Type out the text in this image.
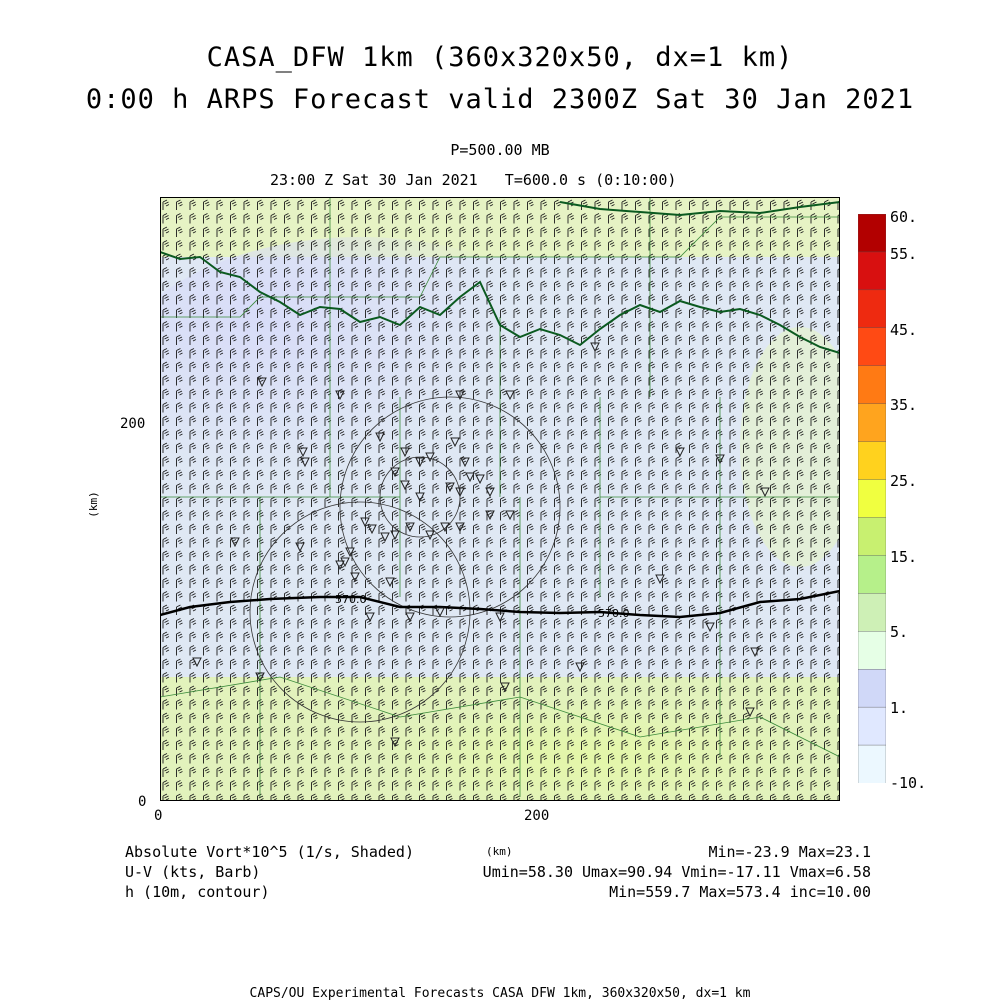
CASA_DFW 1km (360x320x50, dx=1 km)
0:00 h ARPS Forecast valid 2300Z Sat 30 Jan 2021
P=500.00 MB
23:00 Z Sat 30 Jan 2021   T=600.0 s (0:10:00)
570.0
570.0
200
0
0	200
(km)
60.
55.
45.
35.
25.
15.
5.
1.
-10.
Absolute Vort*10^5 (1/s, Shaded)	(km)	Min=-23.9 Max=23.1
U-V (kts, Barb)	Umin=58.30 Umax=90.94 Vmin=-17.11 Vmax=6.58
h (10m, contour)	Min=559.7 Max=573.4 inc=10.00
CAPS/OU Experimental Forecasts CASA DFW 1km, 360x320x50, dx=1 km
